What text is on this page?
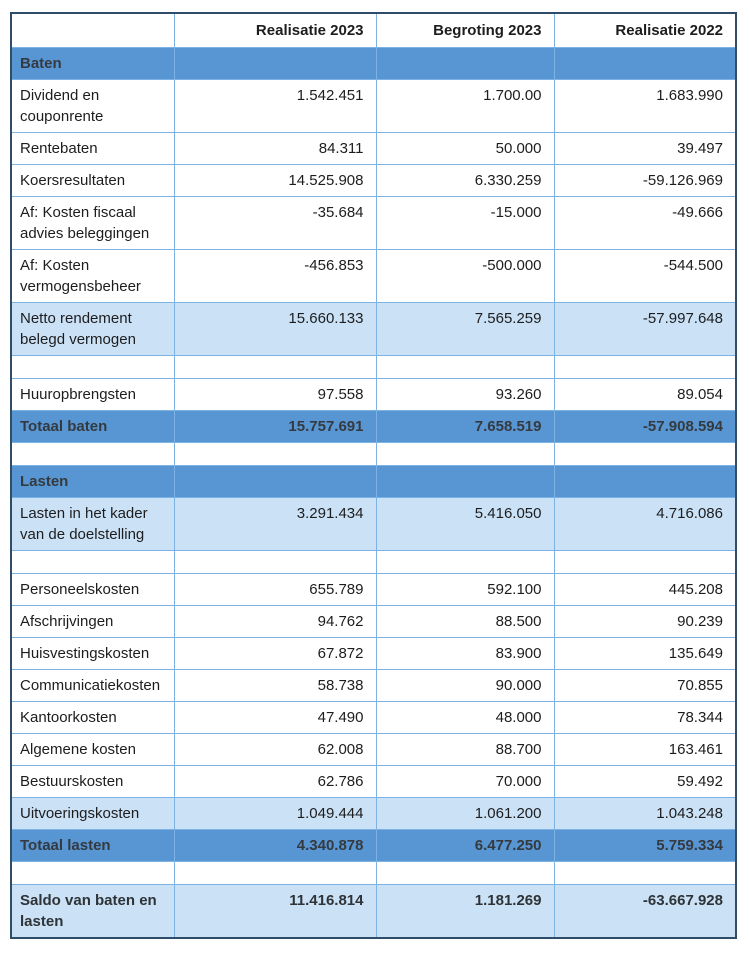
	Realisatie 2023	Begroting 2023	Realisatie 2022
Baten			
Dividend en couponrente	1.542.451	1.700.00	1.683.990
Rentebaten	84.311	50.000	39.497
Koersresultaten	14.525.908	6.330.259	-59.126.969
Af: Kosten fiscaal advies beleggingen	-35.684	-15.000	-49.666
Af: Kosten vermogensbeheer	-456.853	-500.000	-544.500
Netto rendement belegd vermogen	15.660.133	7.565.259	-57.997.648

Huuropbrengsten	97.558	93.260	89.054
Totaal baten	15.757.691	7.658.519	-57.908.594

Lasten			
Lasten in het kader van de doelstelling	3.291.434	5.416.050	4.716.086

Personeelskosten	655.789	592.100	445.208
Afschrijvingen	94.762	88.500	90.239
Huisvestingskosten	67.872	83.900	135.649
Communicatiekosten	58.738	90.000	70.855
Kantoorkosten	47.490	48.000	78.344
Algemene kosten	62.008	88.700	163.461
Bestuurskosten	62.786	70.000	59.492
Uitvoeringskosten	1.049.444	1.061.200	1.043.248
Totaal lasten	4.340.878	6.477.250	5.759.334

Saldo van baten en lasten	11.416.814	1.181.269	-63.667.928
